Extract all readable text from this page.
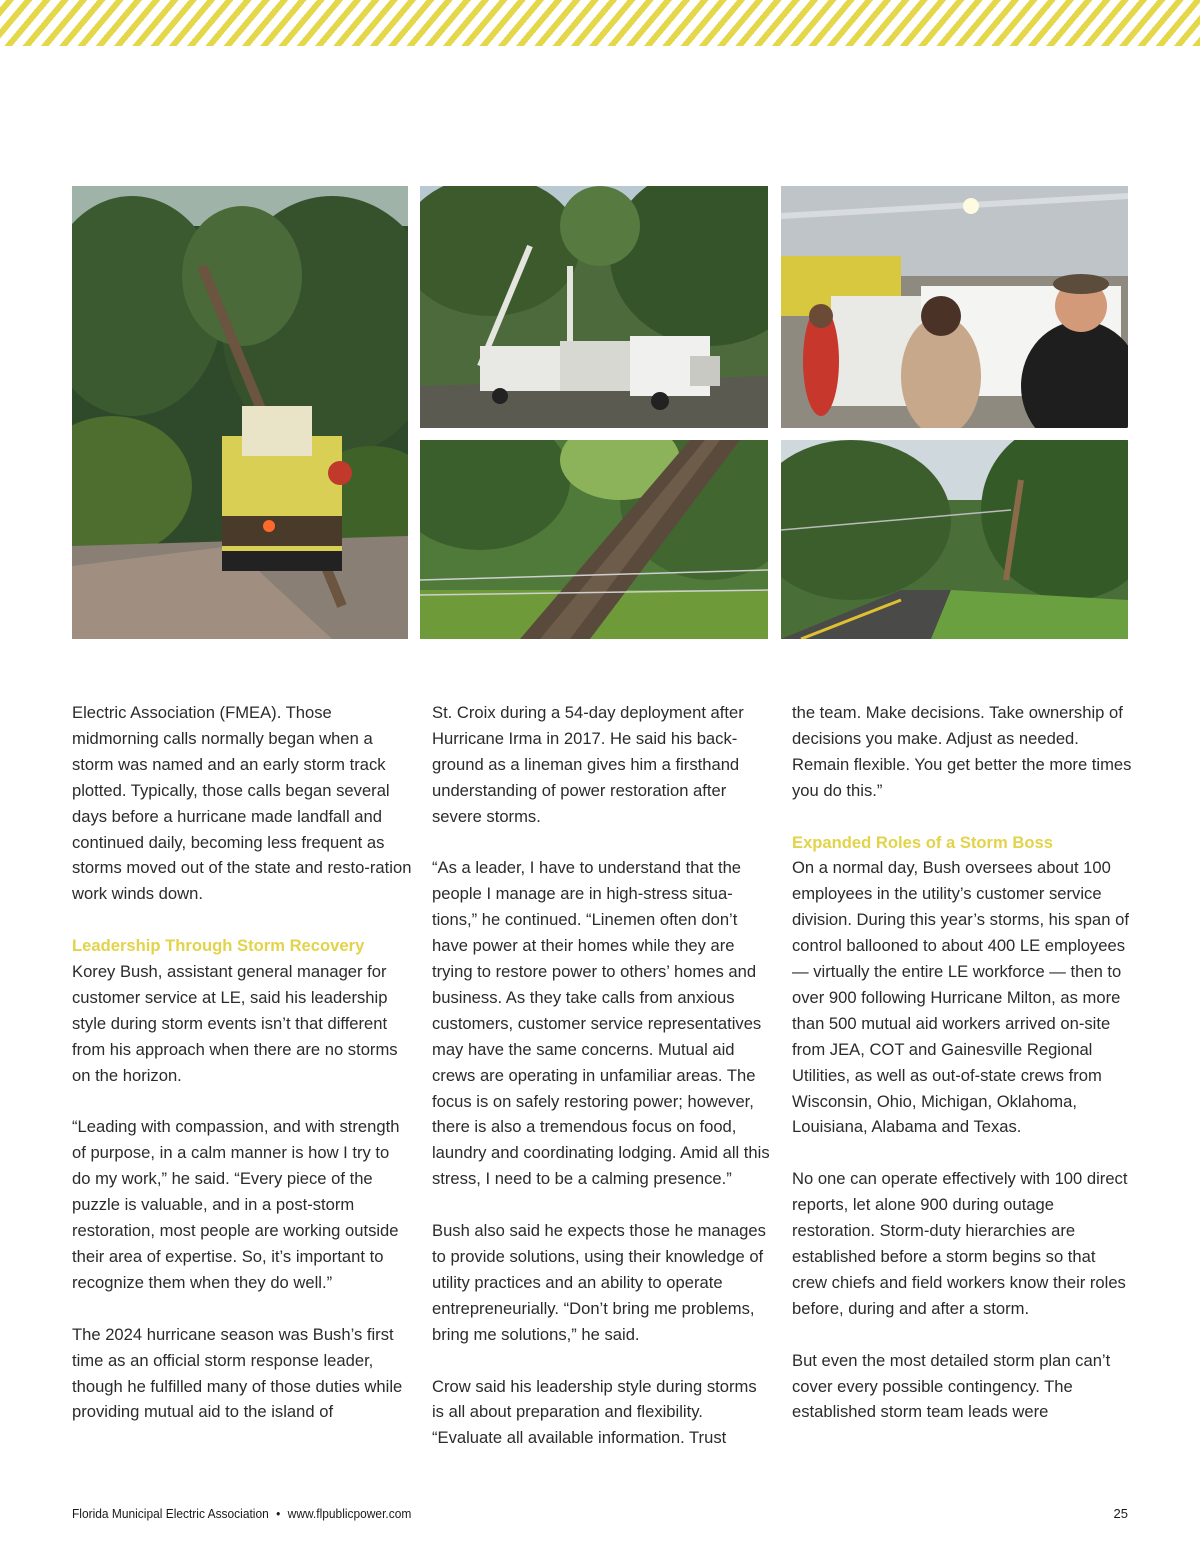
Electric Association (FMEA). Those midmorning calls normally began when a storm was named and an early storm track plotted. Typically, those calls began several days before a hurricane made landfall and continued daily, becoming less frequent as storms moved out of the state and resto-ration work winds down.

Leadership Through Storm Recovery

Korey Bush, assistant general manager for customer service at LE, said his leadership style during storm events isn’t that different from his approach when there are no storms on the horizon.

“Leading with compassion, and with strength of purpose, in a calm manner is how I try to do my work,” he said. “Every piece of the puzzle is valuable, and in a post-storm restoration, most people are working outside their area of expertise. So, it’s important to recognize them when they do well.”

The 2024 hurricane season was Bush’s first time as an official storm response leader, though he fulfilled many of those duties while providing mutual aid to the island of

St. Croix during a 54-day deployment after Hurricane Irma in 2017. He said his back-ground as a lineman gives him a firsthand understanding of power restoration after severe storms.

“As a leader, I have to understand that the people I manage are in high-stress situa-tions,” he continued. “Linemen often don’t have power at their homes while they are trying to restore power to others’ homes and business. As they take calls from anxious customers, customer service representatives may have the same concerns. Mutual aid crews are operating in unfamiliar areas. The focus is on safely restoring power; however, there is also a tremendous focus on food, laundry and coordinating lodging. Amid all this stress, I need to be a calming presence.”

Bush also said he expects those he manages to provide solutions, using their knowledge of utility practices and an ability to operate entrepreneurially. “Don’t bring me problems, bring me solutions,” he said.

Crow said his leadership style during storms is all about preparation and flexibility. “Evaluate all available information. Trust

the team. Make decisions. Take ownership of decisions you make. Adjust as needed. Remain flexible. You get better the more times you do this.”

Expanded Roles of a Storm Boss

On a normal day, Bush oversees about 100 employees in the utility’s customer service division. During this year’s storms, his span of control ballooned to about 400 LE employees — virtually the entire LE workforce — then to over 900 following Hurricane Milton, as more than 500 mutual aid workers arrived on-site from JEA, COT and Gainesville Regional Utilities, as well as out-of-state crews from Wisconsin, Ohio, Michigan, Oklahoma, Louisiana, Alabama and Texas.

No one can operate effectively with 100 direct reports, let alone 900 during outage restoration. Storm-duty hierarchies are established before a storm begins so that crew chiefs and field workers know their roles before, during and after a storm.

But even the most detailed storm plan can’t cover every possible contingency. The established storm team leads were

Florida Municipal Electric Association • www.flpublicpower.com	25
